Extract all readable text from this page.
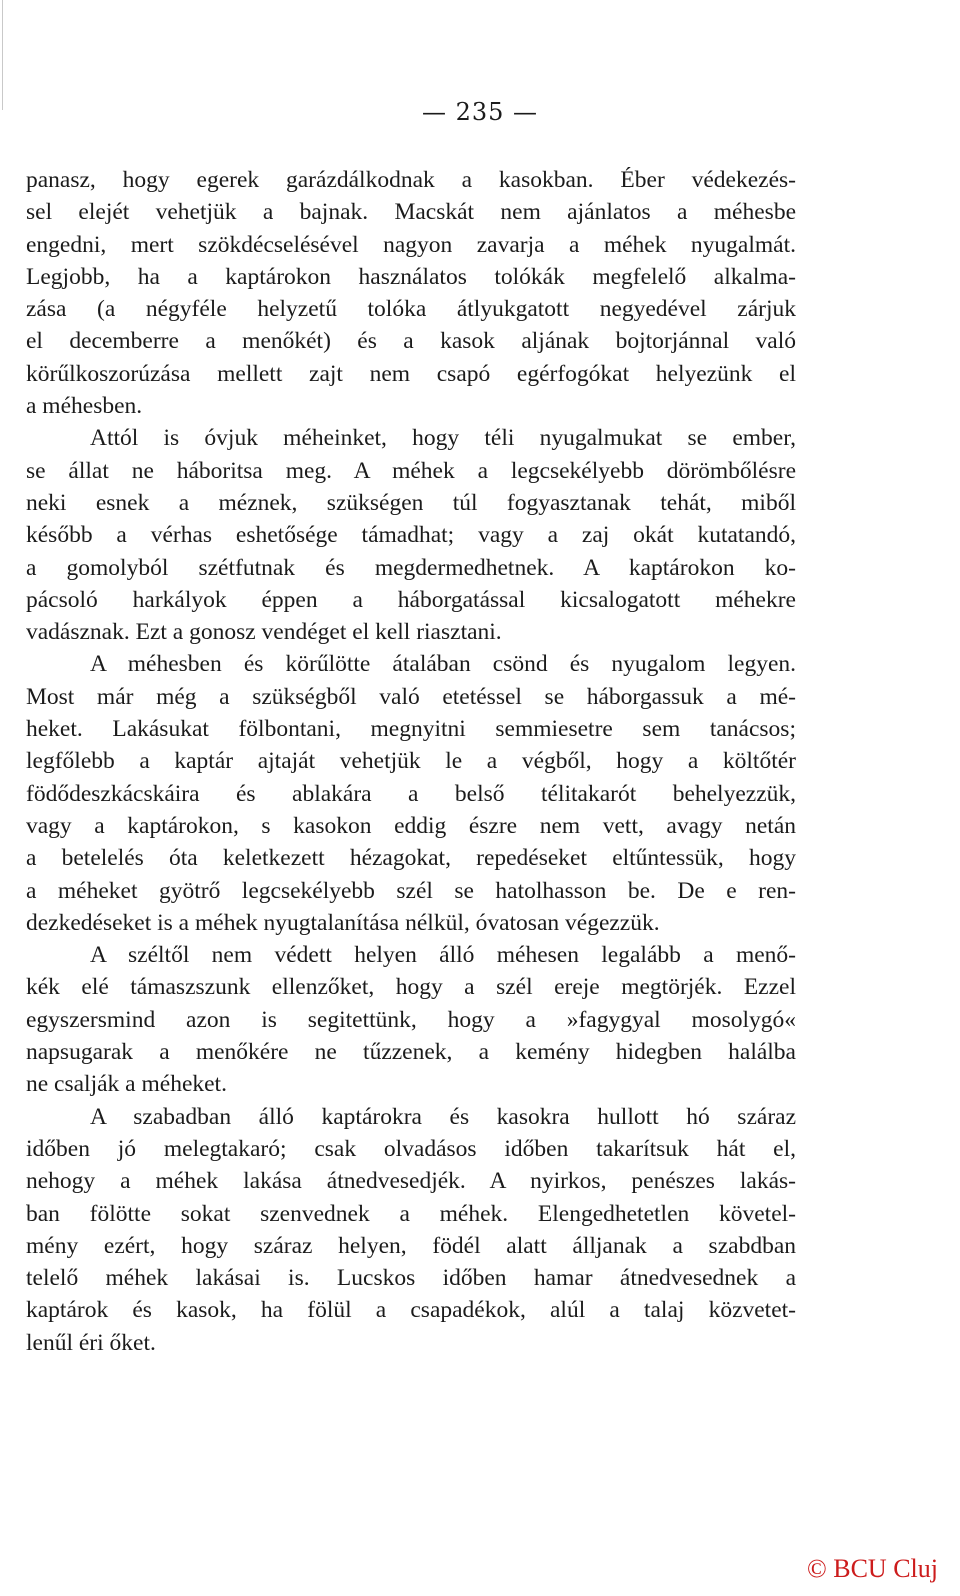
— 235 —
panasz, hogy egerek garázdálkodnak a kasokban. Éber védekezés-
sel elejét vehetjük a bajnak. Macskát nem ajánlatos a méhesbe
engedni, mert szökdécselésével nagyon zavarja a méhek nyugalmát.
Legjobb, ha a kaptárokon használatos tolókák megfelelő alkalma-
zása (a négyféle helyzetű tolóka átlyukgatott negyedével zárjuk
el decemberre a menőkét) és a kasok aljának bojtorjánnal való
körűlkoszorúzása mellett zajt nem csapó egérfogókat helyezünk el
a méhesben.
Attól is óvjuk méheinket, hogy téli nyugalmukat se ember,
se állat ne háboritsa meg. A méhek a legcsekélyebb dörömbőlésre
neki esnek a méznek, szükségen túl fogyasztanak tehát, miből
később a vérhas eshetősége támadhat; vagy a zaj okát kutatandó,
a gomolyból szétfutnak és megdermedhetnek. A kaptárokon ko-
pácsoló harkályok éppen a háborgatással kicsalogatott méhekre
vadásznak. Ezt a gonosz vendéget el kell riasztani.
A méhesben és körűlötte átalában csönd és nyugalom legyen.
Most már még a szükségből való etetéssel se háborgassuk a mé-
heket. Lakásukat fölbontani, megnyitni semmiesetre sem tanácsos;
legfőlebb a kaptár ajtaját vehetjük le a végből, hogy a költőtér
födődeszkácskáira és ablakára a belső télitakarót behelyezzük,
vagy a kaptárokon, s kasokon eddig észre nem vett, avagy netán
a betelelés óta keletkezett hézagokat, repedéseket eltűntessük, hogy
a méheket gyötrő legcsekélyebb szél se hatolhasson be. De e ren-
dezkedéseket is a méhek nyugtalanítása nélkül, óvatosan végezzük.
A széltől nem védett helyen álló méhesen legalább a menő-
kék elé támaszszunk ellenzőket, hogy a szél ereje megtörjék. Ezzel
egyszersmind azon is segitettünk, hogy a »fagygyal mosolygó«
napsugarak a menőkére ne tűzzenek, a kemény hidegben halálba
ne csalják a méheket.
A szabadban álló kaptárokra és kasokra hullott hó száraz
időben jó melegtakaró; csak olvadásos időben takarítsuk hát el,
nehogy a méhek lakása átnedvesedjék. A nyirkos, penészes lakás-
ban fölötte sokat szenvednek a méhek. Elengedhetetlen követel-
mény ezért, hogy száraz helyen, födél alatt álljanak a szabdban
telelő méhek lakásai is. Lucskos időben hamar átnedvesednek a
kaptárok és kasok, ha fölül a csapadékok, alúl a talaj közvetet-
lenűl éri őket.
© BCU Cluj
